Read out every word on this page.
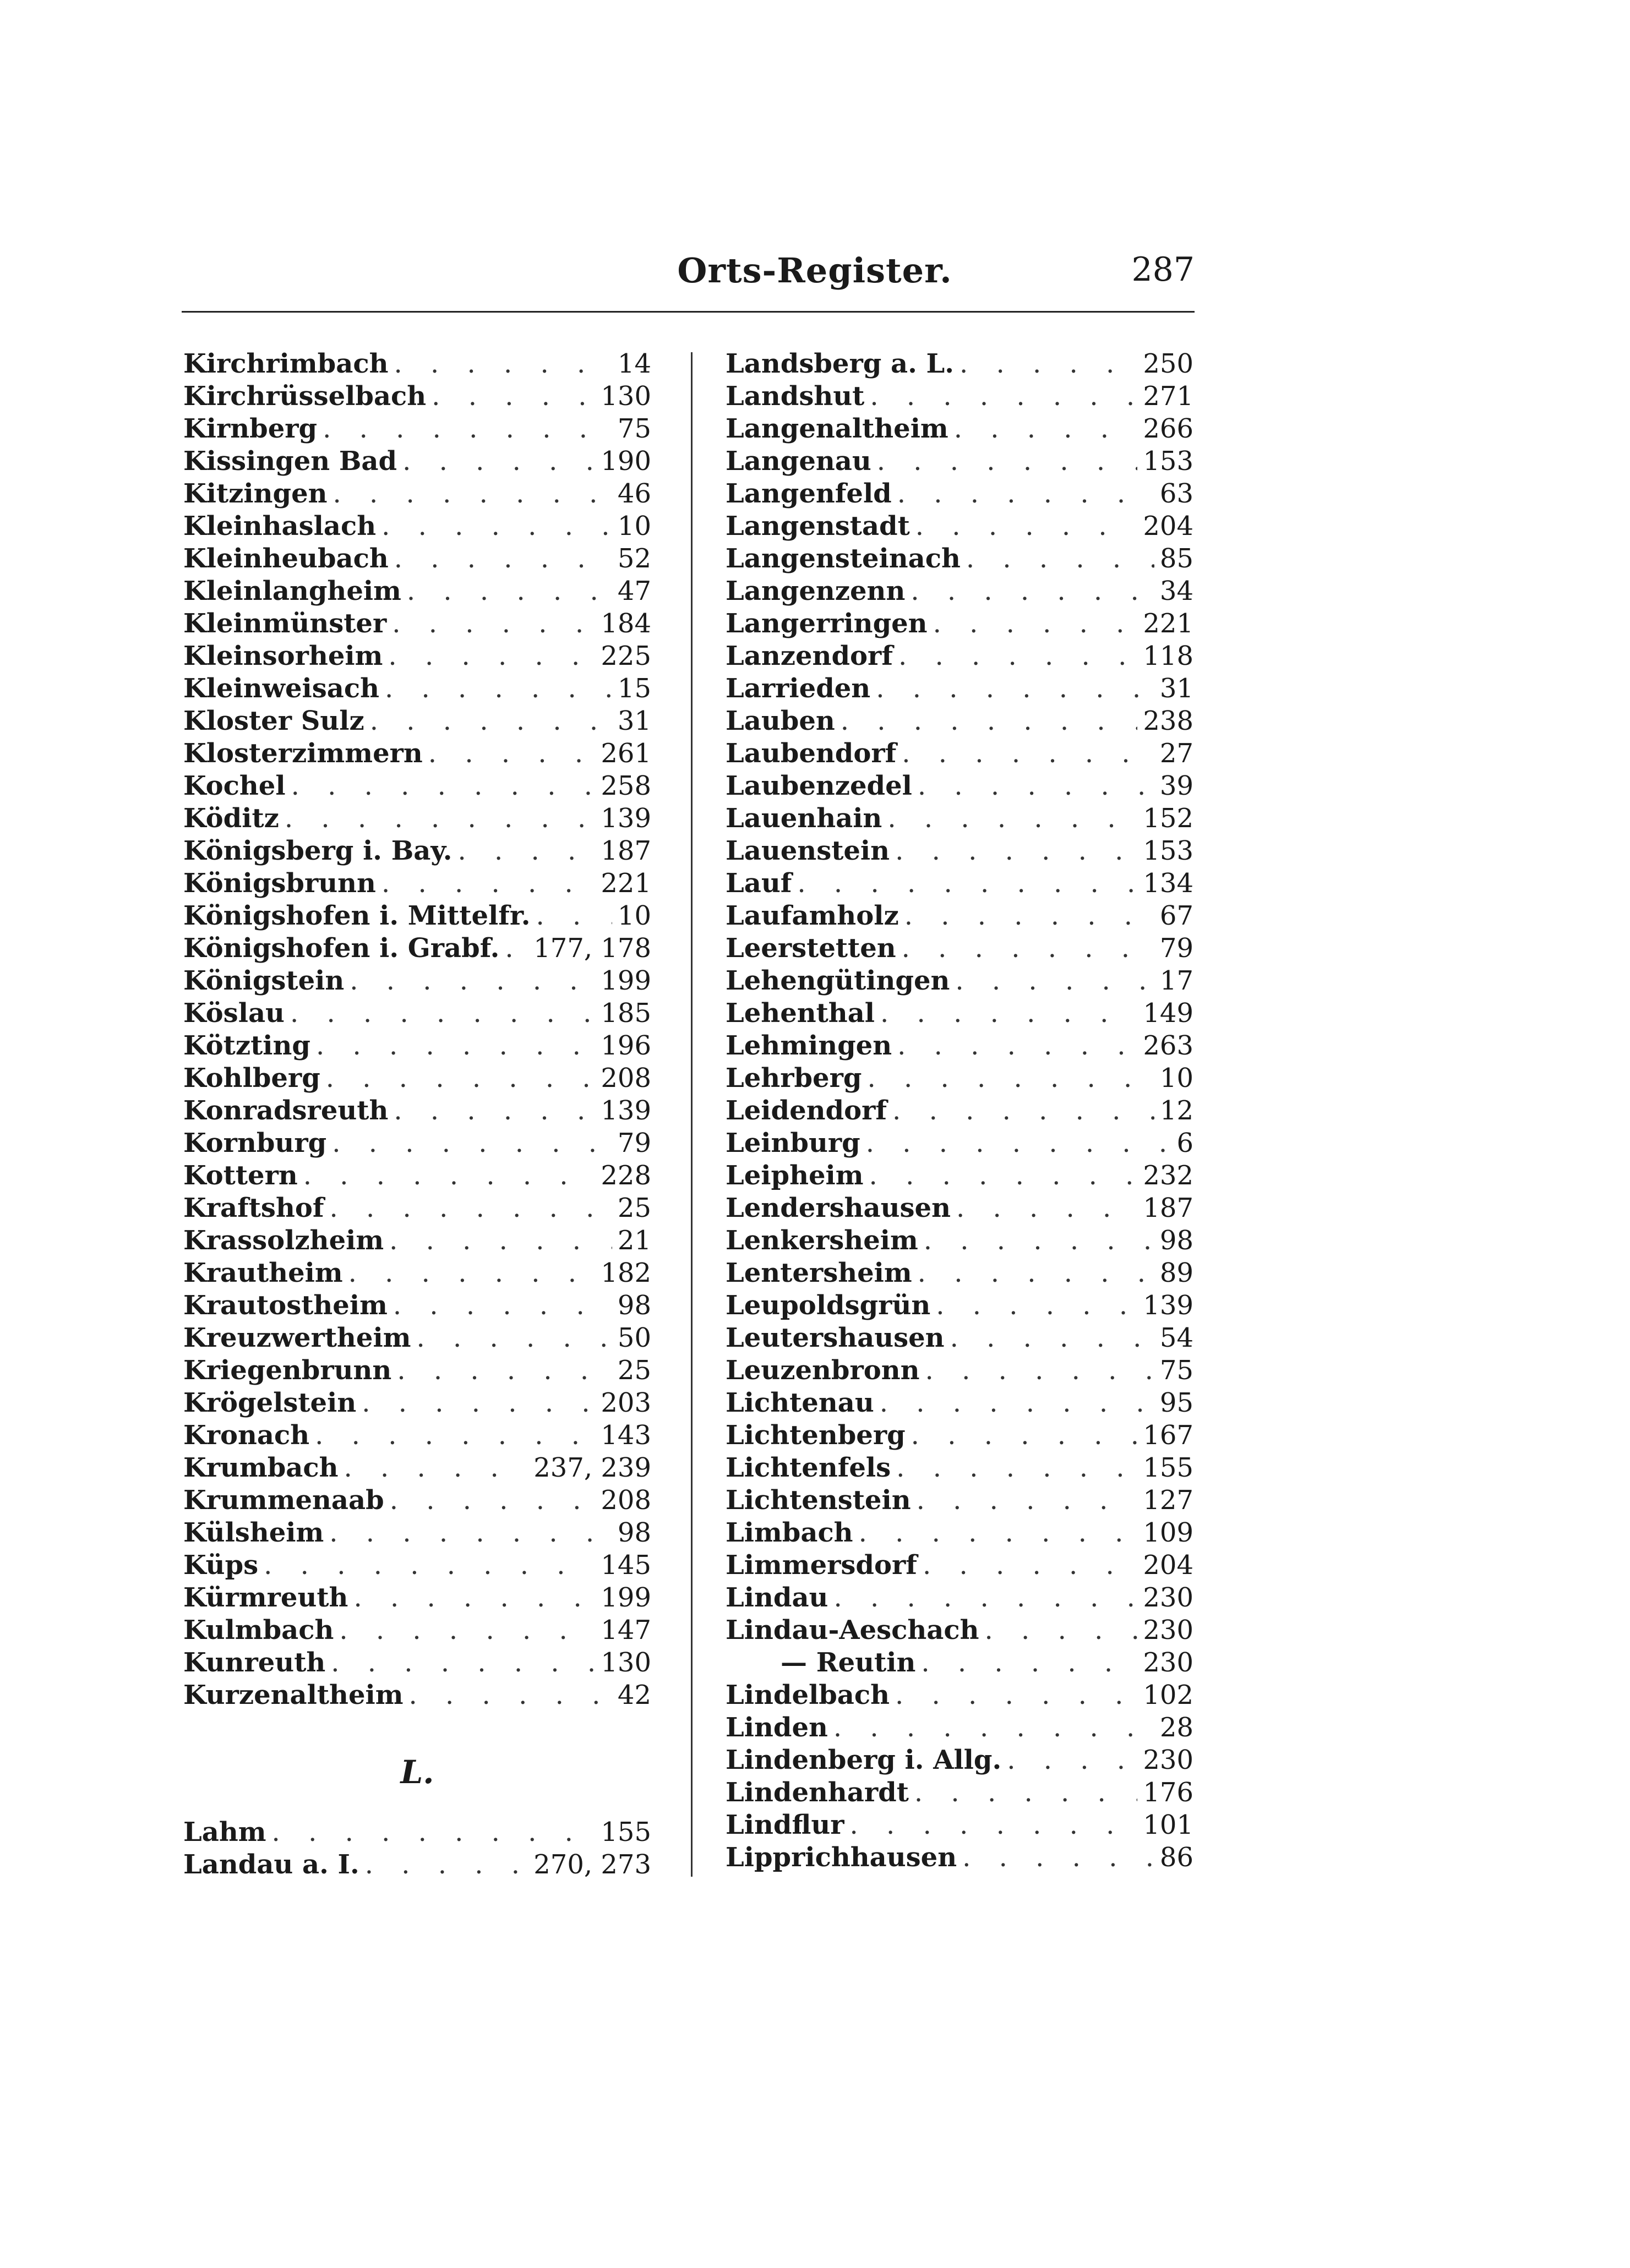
Orts-Register.	287
Kirchrimbach . . .	14
Kirchrüsselbach . . .	130
Kirnberg . . .	75
Kissingen Bad . . .	190
Kitzingen . . .	46
Kleinhaslach . . .	10
Kleinheubach . . .	52
Kleinlangheim . . .	47
Kleinmünster . . .	184
Kleinsorheim . . .	225
Kleinweisach . . .	15
Kloster Sulz . . .	31
Klosterzimmern . . .	261
Kochel . . .	258
Köditz . . .	139
Königsberg i. Bay. . . .	187
Königsbrunn . . .	221
Königshofen i. Mittelfr. . . .	10
Königshofen i. Grabf. . . . 177, 178
Königstein . . .	199
Köslau . . .	185
Kötzting . . .	196
Kohlberg . . .	208
Konradsreuth . . .	139
Kornburg . . .	79
Kottern . . .	228
Kraftshof . . .	25
Krassolzheim . . .	21
Krautheim . . .	182
Krautostheim . . .	98
Kreuzwertheim . . .	50
Kriegenbrunn . . .	25
Krögelstein . . .	203
Kronach . . .	143
Krumbach . . .	237, 239
Krummenaab . . .	208
Külsheim . . .	98
Küps . . .	145
Kürmreuth . . .	199
Kulmbach . . .	147
Kunreuth . . .	130
Kurzenaltheim . . .	42
L.
Lahm . . .	155
Landau a. I. . . .	270, 273
Landsberg a. L. . . .	250
Landshut . . .	271
Langenaltheim . . .	266
Langenau . . .	153
Langenfeld . . .	63
Langenstadt . . .	204
Langensteinach . . .	85
Langenzenn . . .	34
Langerringen . . .	221
Lanzendorf . . .	118
Larrieden . . .	31
Lauben . . .	238
Laubendorf . . .	27
Laubenzedel . . .	39
Lauenhain . . .	152
Lauenstein . . .	153
Lauf . . .	134
Laufamholz . . .	67
Leerstetten . . .	79
Lehengütingen . . .	17
Lehenthal . . .	149
Lehmingen . . .	263
Lehrberg . . .	10
Leidendorf . . .	12
Leinburg . . .	6
Leipheim . . .	232
Lendershausen . . .	187
Lenkersheim . . .	98
Lentersheim . . .	89
Leupoldsgrün . . .	139
Leutershausen . . .	54
Leuzenbronn . . .	75
Lichtenau . . .	95
Lichtenberg . . .	167
Lichtenfels . . .	155
Lichtenstein . . .	127
Limbach . . .	109
Limmersdorf . . .	204
Lindau . . .	230
Lindau-Aeschach . . .	230
— Reutin . . .	230
Lindelbach . . .	102
Linden . . .	28
Lindenberg i. Allg. . . .	230
Lindenhardt . . .	176
Lindflur . . .	101
Lipprichhausen . . .	86
